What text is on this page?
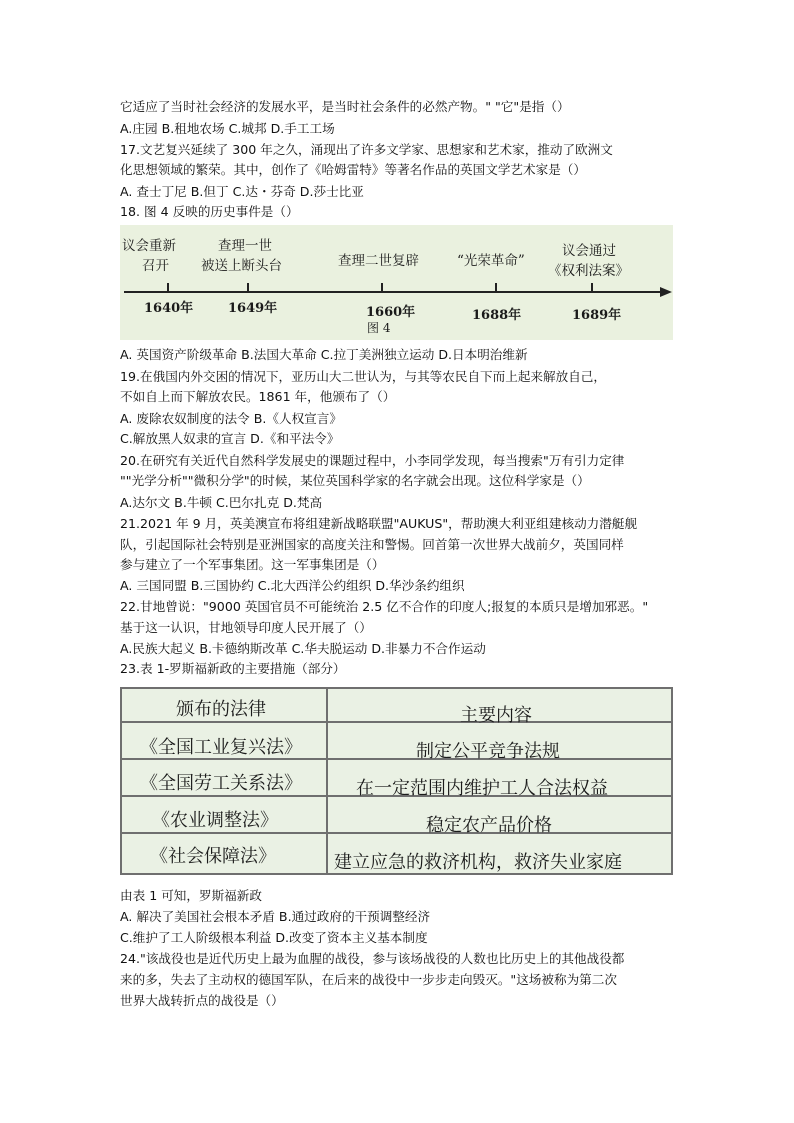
它适应了当时社会经济的发展水平，是当时社会条件的必然产物。" "它"是指（）
A.庄园 B.租地农场 C.城邦 D.手工工场
17.文艺复兴延续了 300 年之久，涌现出了许多文学家、思想家和艺术家，推动了欧洲文
化思想领域的繁荣。其中，创作了《哈姆雷特》等著名作品的英国文学艺术家是（）
A. 查士丁尼 B.但丁 C.达・芬奇 D.莎士比亚
18. 图 4 反映的历史事件是（）
议会重新
召开
1640年
查理一世
被送上断头台
1649年
查理二世复辟
1660年
图 4
“光荣革命”
1688年
议会通过
《权利法案》
1689年
A. 英国资产阶级革命 B.法国大革命 C.拉丁美洲独立运动 D.日本明治维新
19.在俄国内外交困的情况下，亚历山大二世认为，与其等农民自下而上起来解放自己，
不如自上而下解放农民。1861 年，他颁布了（）
A. 废除农奴制度的法令 B.《人权宣言》
C.解放黑人奴隶的宣言 D.《和平法令》
20.在研究有关近代自然科学发展史的课题过程中，小李同学发现，每当搜索"万有引力定律
""光学分析""微积分学"的时候，某位英国科学家的名字就会出现。这位科学家是（）
A.达尔文 B.牛顿 C.巴尔扎克 D.梵高
21.2021 年 9 月，英美澳宣布将组建新战略联盟"AUKUS"，帮助澳大利亚组建核动力潜艇舰
队，引起国际社会特别是亚洲国家的高度关注和警惕。回首第一次世界大战前夕，英国同样
参与建立了一个军事集团。这一军事集团是（）
A. 三国同盟 B.三国协约 C.北大西洋公约组织 D.华沙条约组织
22.甘地曾说："9000 英国官员不可能统治 2.5 亿不合作的印度人;报复的本质只是增加邪恶。"
基于这一认识，甘地领导印度人民开展了（）
A.民族大起义 B.卡德纳斯改革 C.华夫脱运动 D.非暴力不合作运动
23.表 1-罗斯福新政的主要措施（部分）
颁布的法律	主要内容
《全国工业复兴法》	制定公平竞争法规
《全国劳工关系法》	在一定范围内维护工人合法权益
《农业调整法》	稳定农产品价格
《社会保障法》	建立应急的救济机构，救济失业家庭
由表 1 可知，罗斯福新政
A. 解决了美国社会根本矛盾 B.通过政府的干预调整经济
C.维护了工人阶级根本利益 D.改变了资本主义基本制度
24."该战役也是近代历史上最为血腥的战役，参与该场战役的人数也比历史上的其他战役都
来的多，失去了主动权的德国军队，在后来的战役中一步步走向毁灭。"这场被称为第二次
世界大战转折点的战役是（）
